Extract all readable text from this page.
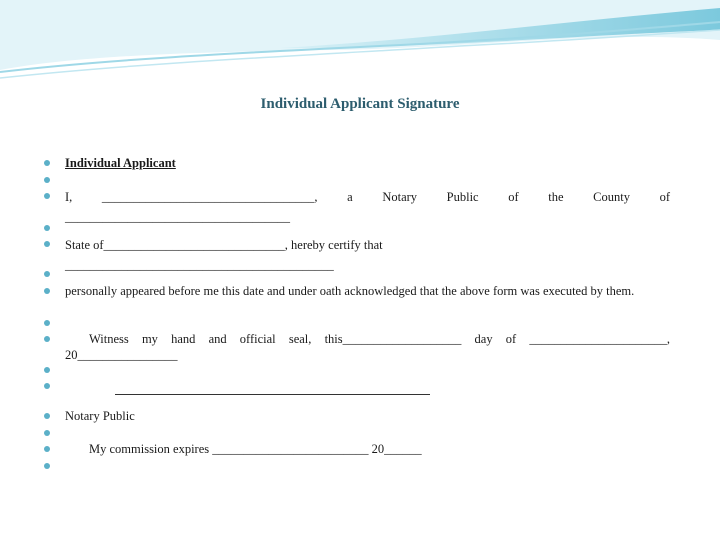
Individual Applicant Signature
Individual Applicant
I, __________________________________, a Notary Public of the County of ____________________________________
State of_____________________________, hereby certify that ___________________________________________
personally appeared before me this date and under oath acknowledged that the above form was executed by them.
Witness my hand and official seal, this___________________ day of ______________________, 20________________
Notary Public
My commission expires _________________________ 20______
